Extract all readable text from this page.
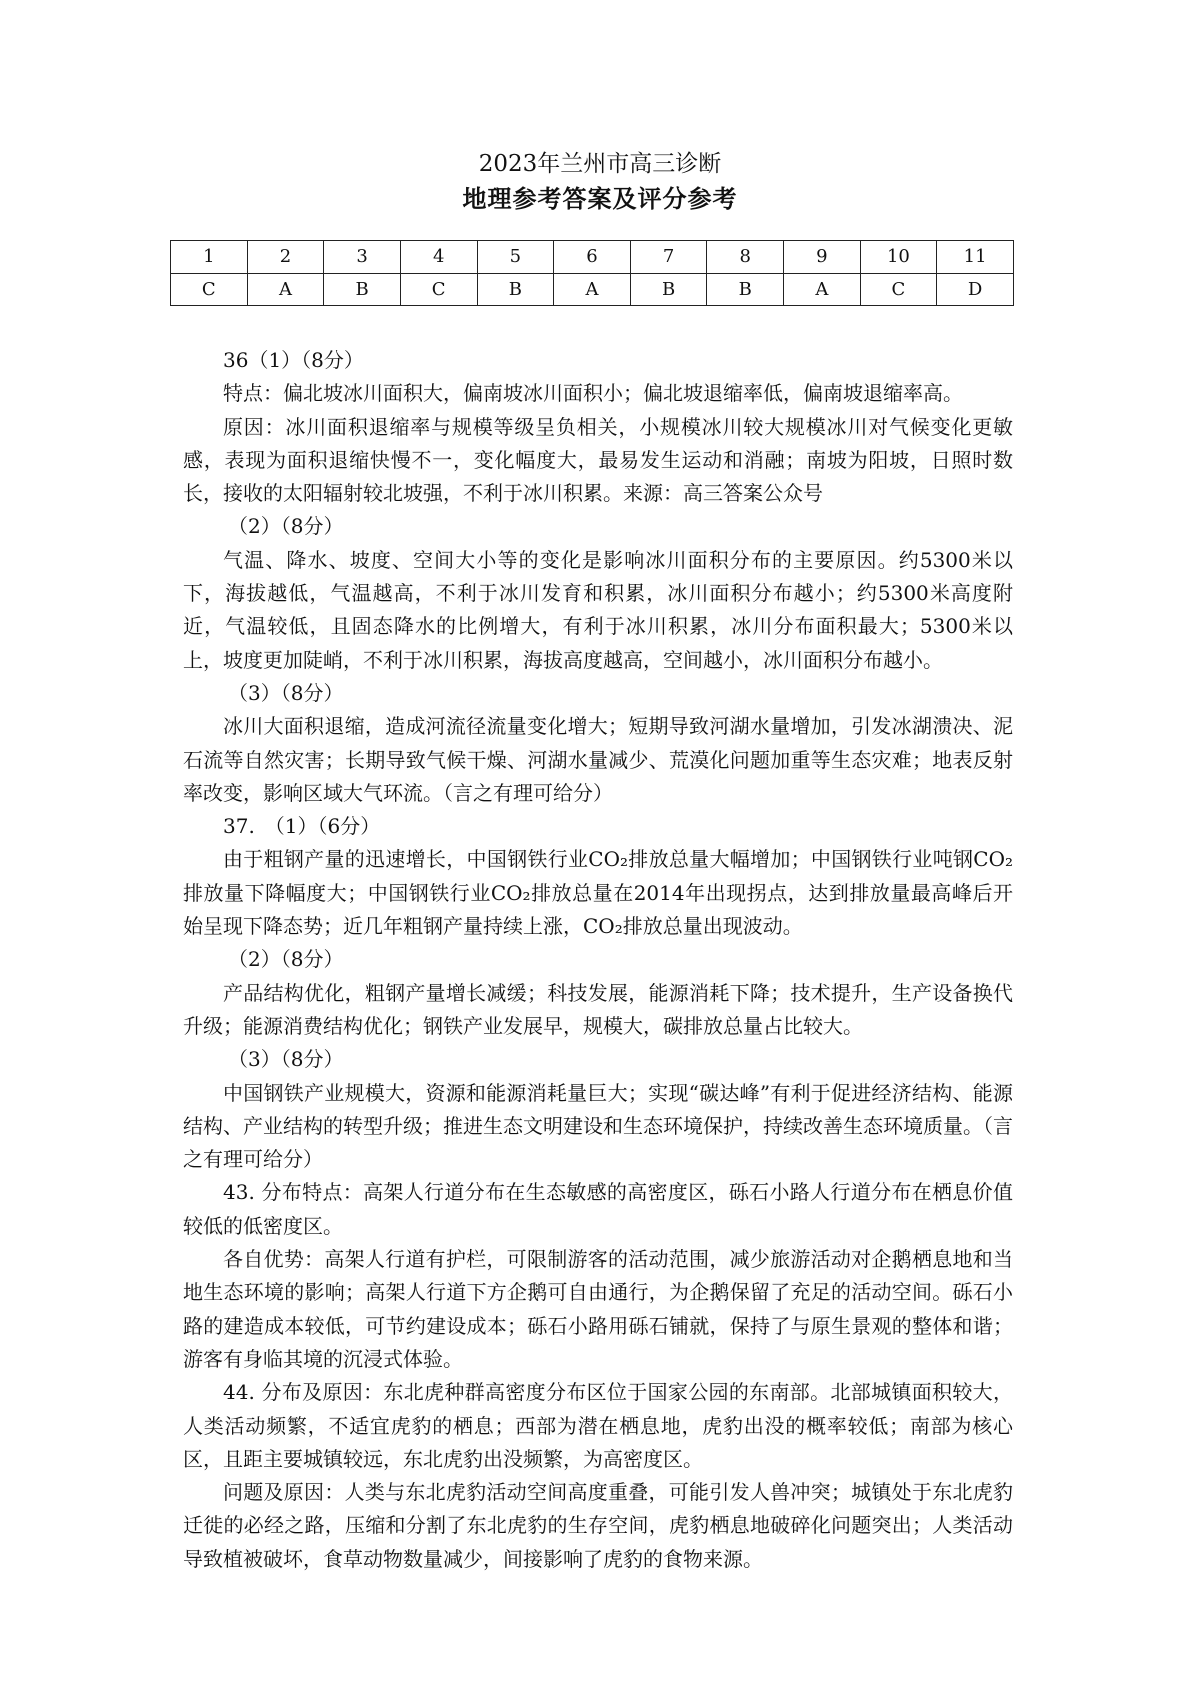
2023年兰州市高三诊断
地理参考答案及评分参考
1	2	3	4	5	6	7	8	9	10	11
C	A	B	C	B	A	B	B	A	C	D
36（1）（8分）
特点：偏北坡冰川面积大，偏南坡冰川面积小；偏北坡退缩率低，偏南坡退缩率高。
原因：冰川面积退缩率与规模等级呈负相关，小规模冰川较大规模冰川对气候变化更敏感，表现为面积退缩快慢不一，变化幅度大，最易发生运动和消融；南坡为阳坡，日照时数长，接收的太阳辐射较北坡强，不利于冰川积累。来源：高三答案公众号
（2）（8分）
气温、降水、坡度、空间大小等的变化是影响冰川面积分布的主要原因。约5300米以下，海拔越低，气温越高，不利于冰川发育和积累，冰川面积分布越小；约5300米高度附近，气温较低，且固态降水的比例增大，有利于冰川积累，冰川分布面积最大；5300米以上，坡度更加陡峭，不利于冰川积累，海拔高度越高，空间越小，冰川面积分布越小。
（3）（8分）
冰川大面积退缩，造成河流径流量变化增大；短期导致河湖水量增加，引发冰湖溃决、泥石流等自然灾害；长期导致气候干燥、河湖水量减少、荒漠化问题加重等生态灾难；地表反射率改变，影响区域大气环流。（言之有理可给分）
37.　（1）（6分）
由于粗钢产量的迅速增长，中国钢铁行业CO₂排放总量大幅增加；中国钢铁行业吨钢CO₂排放量下降幅度大；中国钢铁行业CO₂排放总量在2014年出现拐点，达到排放量最高峰后开始呈现下降态势；近几年粗钢产量持续上涨，CO₂排放总量出现波动。
（2）（8分）
产品结构优化，粗钢产量增长减缓；科技发展，能源消耗下降；技术提升，生产设备换代升级；能源消费结构优化；钢铁产业发展早，规模大，碳排放总量占比较大。
（3）（8分）
中国钢铁产业规模大，资源和能源消耗量巨大；实现“碳达峰”有利于促进经济结构、能源结构、产业结构的转型升级；推进生态文明建设和生态环境保护，持续改善生态环境质量。（言之有理可给分）
43. 分布特点：高架人行道分布在生态敏感的高密度区，砾石小路人行道分布在栖息价值较低的低密度区。
各自优势：高架人行道有护栏，可限制游客的活动范围，减少旅游活动对企鹅栖息地和当地生态环境的影响；高架人行道下方企鹅可自由通行，为企鹅保留了充足的活动空间。砾石小路的建造成本较低，可节约建设成本；砾石小路用砾石铺就，保持了与原生景观的整体和谐；游客有身临其境的沉浸式体验。
44. 分布及原因：东北虎种群高密度分布区位于国家公园的东南部。北部城镇面积较大，人类活动频繁，不适宜虎豹的栖息；西部为潜在栖息地，虎豹出没的概率较低；南部为核心区，且距主要城镇较远，东北虎豹出没频繁，为高密度区。
问题及原因：人类与东北虎豹活动空间高度重叠，可能引发人兽冲突；城镇处于东北虎豹迁徙的必经之路，压缩和分割了东北虎豹的生存空间，虎豹栖息地破碎化问题突出；人类活动导致植被破坏，食草动物数量减少，间接影响了虎豹的食物来源。
